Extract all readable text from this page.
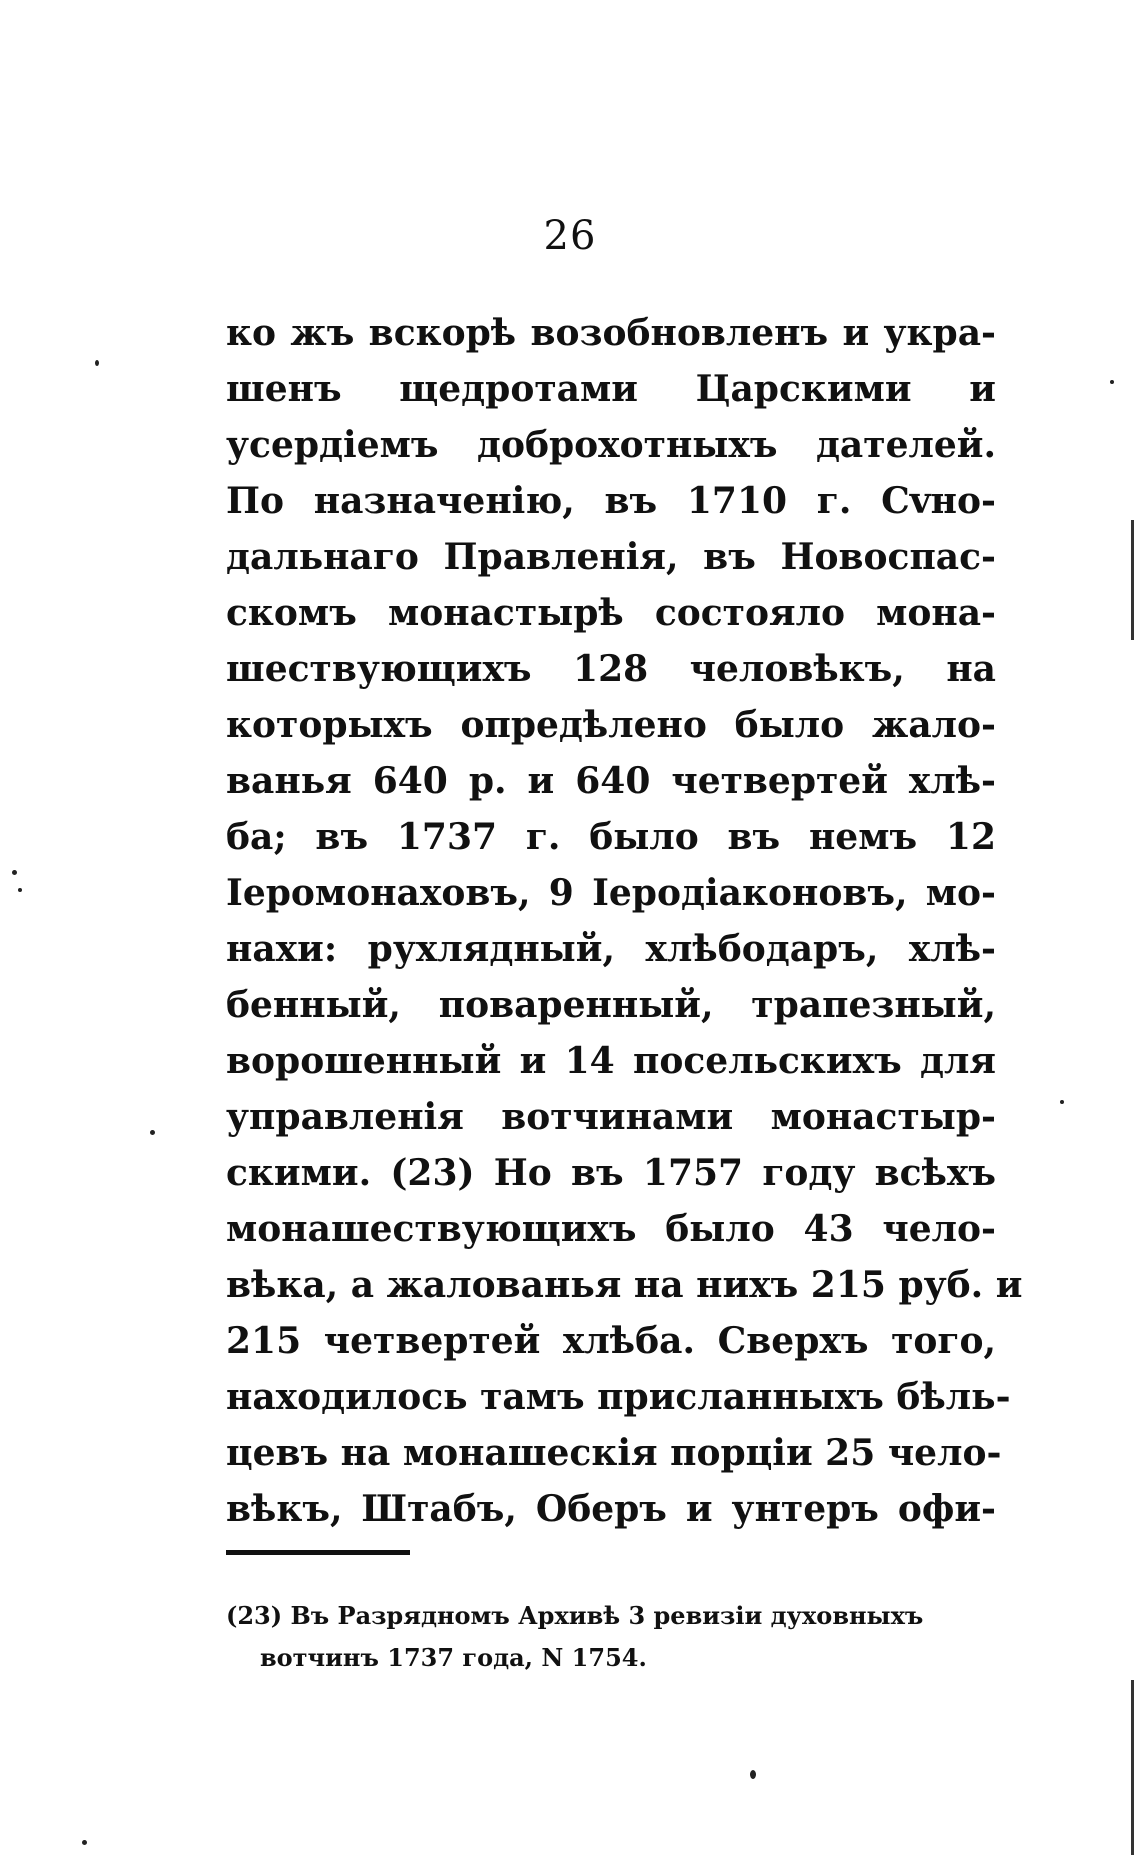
26
ко жъ вскорѣ возобновленъ и укра-
шенъ щедротами Царскими и
усердіемъ доброхотныхъ дателей.
По назначенію, въ 1710 г. Сvно-
дальнаго Правленія, въ Новоспас-
скомъ монастырѣ состояло мона-
шествующихъ 128 человѣкъ, на
которыхъ опредѣлено было жало-
ванья 640 р. и 640 четвертей хлѣ-
ба; въ 1737 г. было въ немъ 12
Іеромонаховъ, 9 Іеродіаконовъ, мо-
нахи: рухлядный, хлѣбодаръ, хлѣ-
бенный, поваренный, трапезный,
ворошенный и 14 посельскихъ для
управленія вотчинами монастыр-
скими. (23) Но въ 1757 году всѣхъ
монашествующихъ было 43 чело-
вѣка, а жалованья на нихъ 215 руб. и
215 четвертей хлѣба. Сверхъ того,
находилось тамъ присланныхъ бѣль-
цевъ на монашескія порціи 25 чело-
вѣкъ, Штабъ, Оберъ и унтеръ офи-
(23) Въ Разрядномъ Архивѣ 3 ревизіи духовныхъ
вотчинъ 1737 года, N 1754.
